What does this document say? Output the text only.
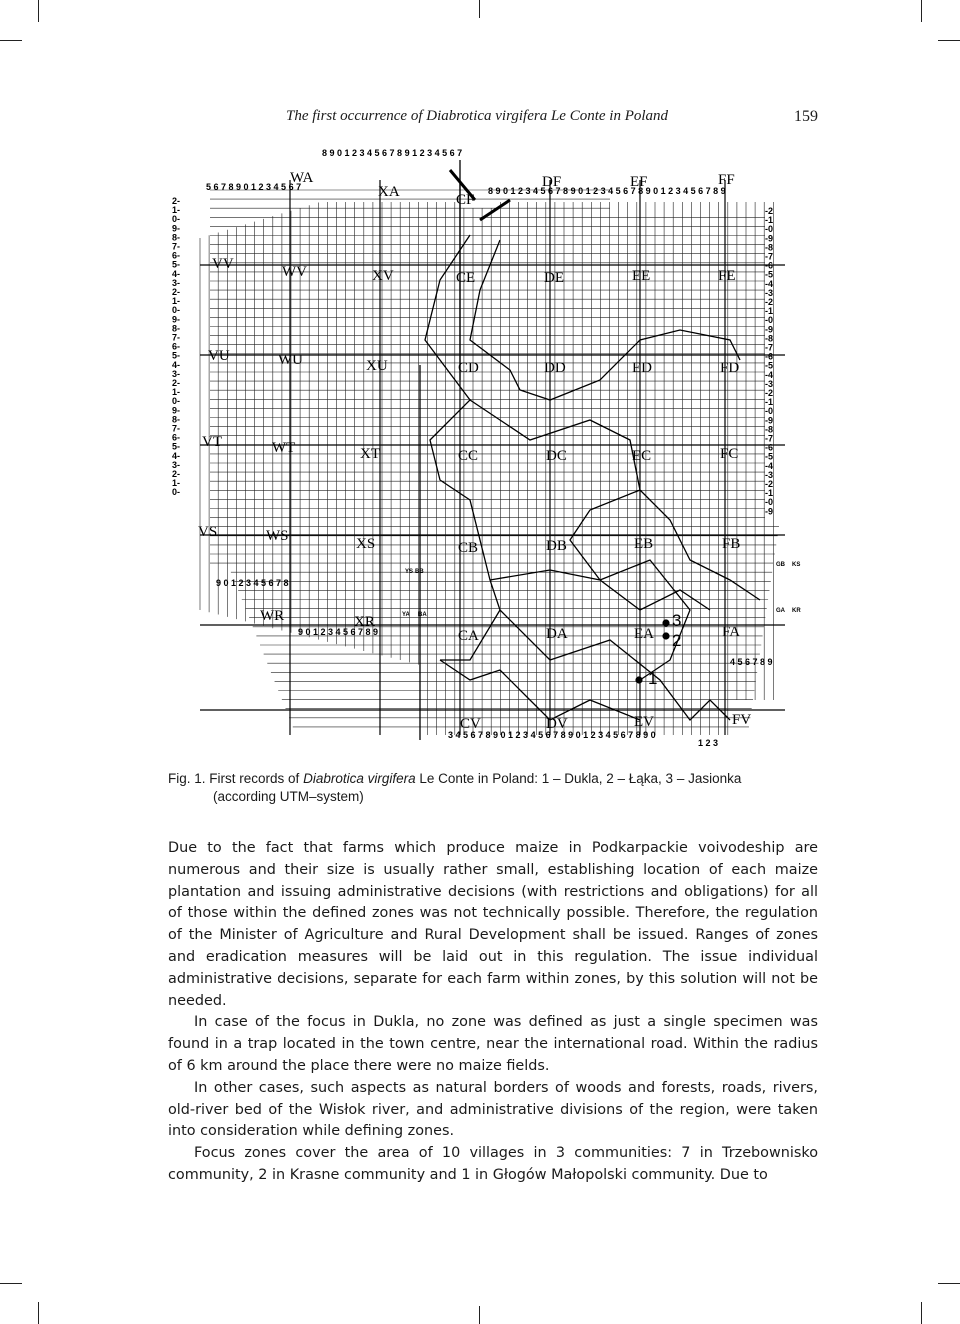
The first occurrence of Diabrotica virgifera Le Conte in Poland	159
WA
XA	CF
DF	EF	FF
VV	WV	XV	CE	DE	EE	FE
VU	WU	XU	CD	DD	ED	FD
VT	WT	XT	CC	DC	EC	FC
VS	WS	XS	CB	DB	EB	FB
WR	XR
CA	DA	EA	FA
CV	DV	EV	FV
YS BB
YA BA
GB KS
GA KR
8 9 0 1 2 3 4 5 6 7 8 9 1 2 3 4 5 6 7
5 6 7 8 9 0 1 2 3 4 5 6 7	8 9 0 1 2 3 4 5 6 7 8 9 0 1 2 3 4 5 6 7 8 9 0 1 2 3 4 5 6 7 8 9
3 4 5 6 7 8 9 0 1 2 3 4 5 6 7 8 9 0 1 2 3 4 5 6 7 8 9 0
9 0 1 2 3 4 5 6 7 8
9 0 1 2 3 4 5 6 7 8 9
4 5 6 7 8 9
1 2 3
2-
1-
0-
9-
8-
7-
6-
5-
4-
3-
2-
1-
0-
9-
8-
7-
6-
5-
4-
3-
2-
1-
0-
9-
8-
7-
6-
5-
4-
3-
2-
1-
0-
-2
-1
-0
-9
-8
-7
-6
-5
-4
-3
-2
-1
-0
-9
-8
-7
-6
-5
-4
-3
-2
-1
-0
-9
-8
-7
-6
-5
-4
-3
-2
-1
-0
-9
1
2
3
Fig. 1. First records of Diabrotica virgifera Le Conte in Poland: 1 – Dukla, 2 – Łąka, 3 – Jasionka
(according UTM–system)

Due to the fact that farms which produce maize in Podkarpackie voivodeship are numerous and their size is usually rather small, establishing location of each maize plantation and issuing administrative decisions (with restrictions and obligations) for all of those within the defined zones was not technically possible. Therefore, the regulation of the Minister of Agriculture and Rural Development shall be issued. Ranges of zones and eradication measures will be laid out in this regulation. The issue individual administrative decisions, separate for each farm within zones, by this solution will not be needed.

In case of the focus in Dukla, no zone was defined as just a single specimen was found in a trap located in the town centre, near the international road. Within the radius of 6 km around the place there were no maize fields.

In other cases, such aspects as natural borders of woods and forests, roads, rivers, old-river bed of the Wisłok river, and administrative divisions of the region, were taken into consideration while defining zones.

Focus zones cover the area of 10 villages in 3 communities: 7 in Trzebownisko community, 2 in Krasne community and 1 in Głogów Małopolski community. Due to
